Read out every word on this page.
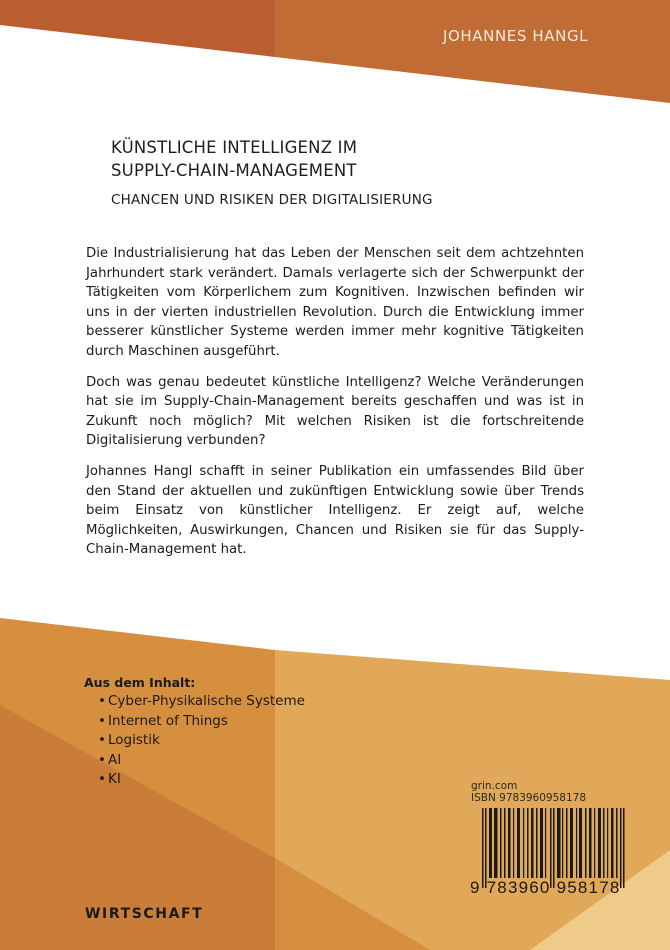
JOHANNES HANGL
KÜNSTLICHE INTELLIGENZ IM
SUPPLY-CHAIN-MANAGEMENT
CHANCEN UND RISIKEN DER DIGITALISIERUNG

Die Industrialisierung hat das Leben der Menschen seit dem achtzehnten Jahrhundert stark verändert. Damals verlagerte sich der Schwerpunkt der Tätigkeiten vom Körperlichem zum Kognitiven. Inzwischen befinden wir uns in der vierten industriellen Revolution. Durch die Entwicklung immer besserer künstlicher Systeme werden immer mehr kognitive Tätigkeiten durch Maschinen ausgeführt.

Doch was genau bedeutet künstliche Intelligenz? Welche Veränderungen hat sie im Supply-Chain-Management bereits geschaffen und was ist in Zukunft noch möglich? Mit welchen Risiken ist die fortschreitende Digitalisierung verbunden?

Johannes Hangl schafft in seiner Publikation ein umfassendes Bild über den Stand der aktuellen und zukünftigen Entwicklung sowie über Trends beim Einsatz von künstlicher Intelligenz. Er zeigt auf, welche Möglichkeiten, Auswirkungen, Chancen und Risiken sie für das Supply-Chain-Management hat.

Aus dem Inhalt:
• Cyber-Physikalische Systeme
• Internet of Things
• Logistik
• AI
• KI
WIRTSCHAFT
grin.com
ISBN 9783960958178
9 783960 958178
